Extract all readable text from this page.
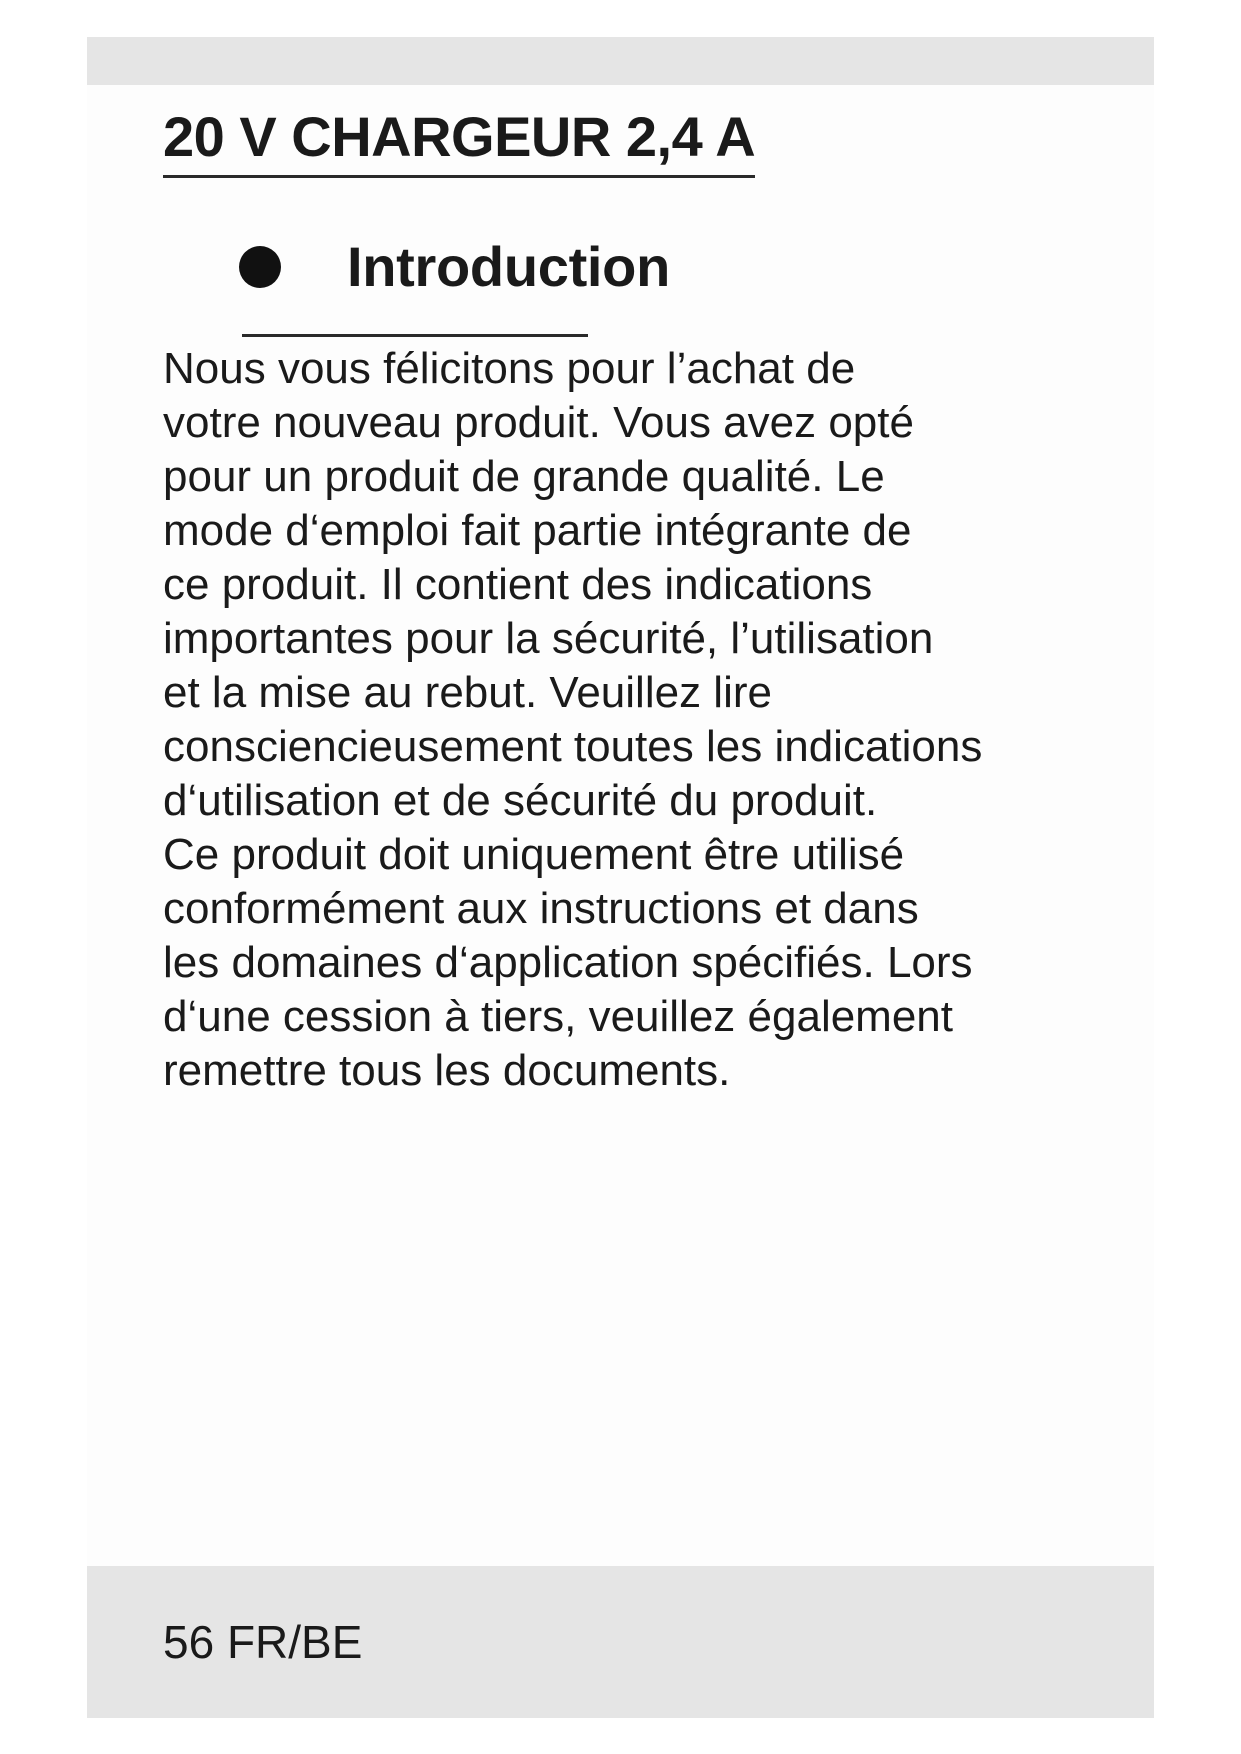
20 V CHARGEUR 2,4 A
Introduction

Nous vous félicitons pour l’achat de
votre nouveau produit. Vous avez opté
pour un produit de grande qualité. Le
mode d‘emploi fait partie intégrante de
ce produit. Il contient des indications
importantes pour la sécurité, l’utilisation
et la mise au rebut. Veuillez lire
consciencieusement toutes les indications
d‘utilisation et de sécurité du produit.
Ce produit doit uniquement être utilisé
conformément aux instructions et dans
les domaines d‘application spécifiés. Lors
d‘une cession à tiers, veuillez également
remettre tous les documents.

56 FR/BE
